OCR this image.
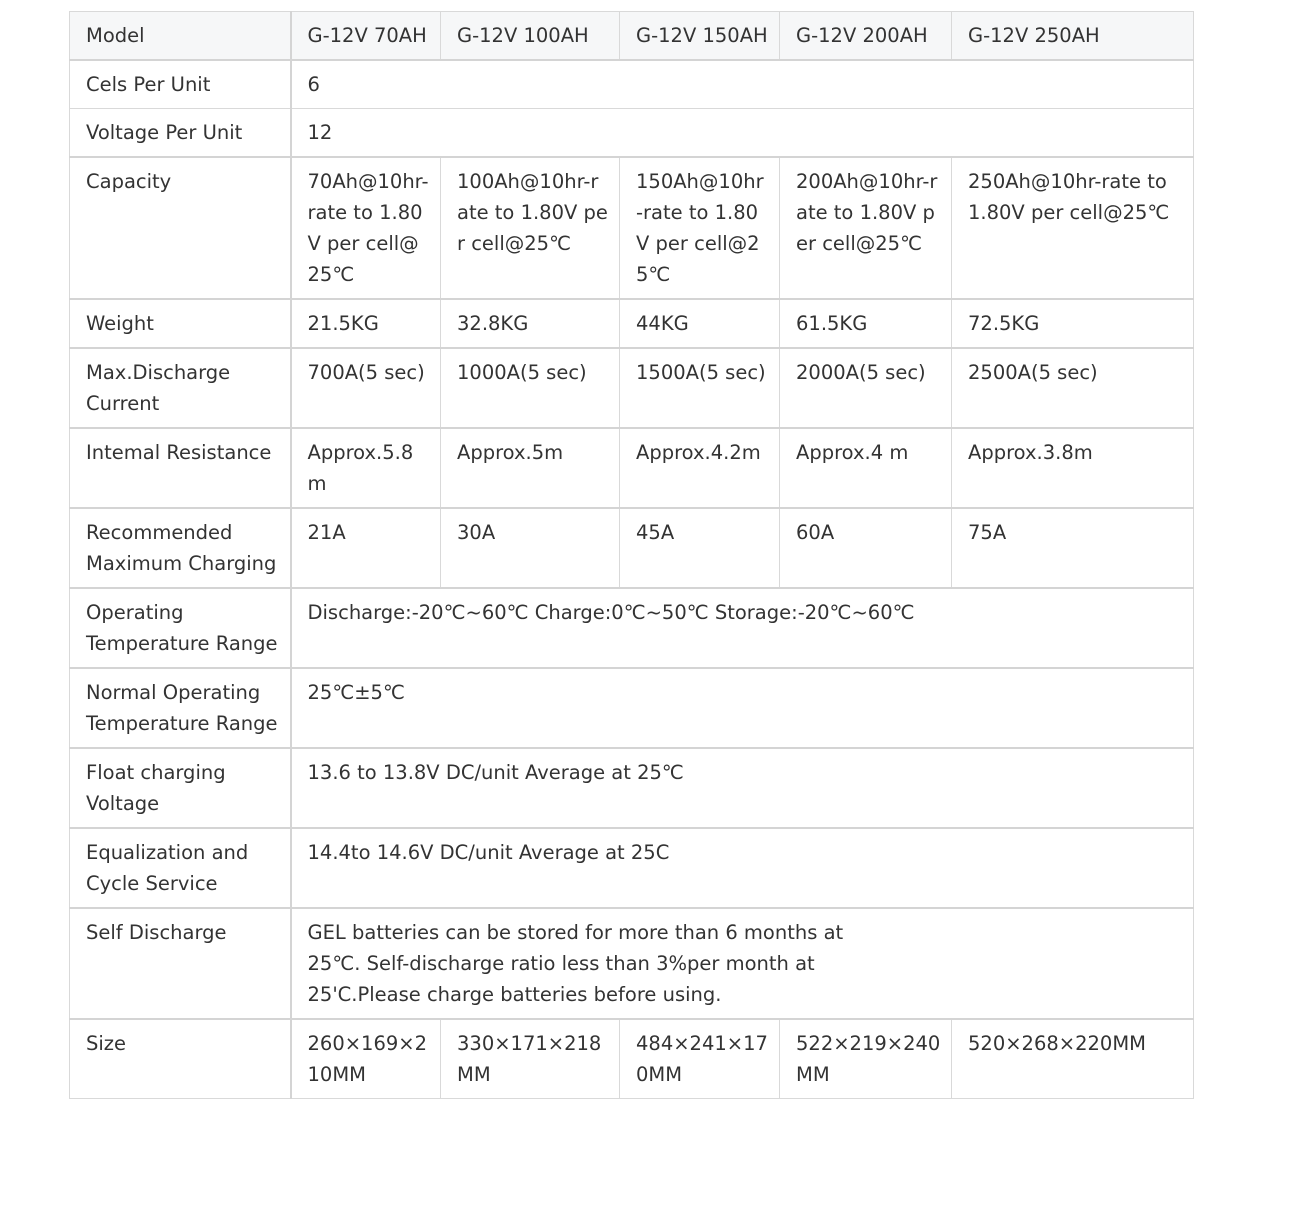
Model	G-12V 70AH	G-12V 100AH	G-12V 150AH	G-12V 200AH	G-12V 250AH
Cels Per Unit	6				
Voltage Per Unit	12				
Capacity	70Ah@10hr-rate to 1.80V per cell@25℃	100Ah@10hr-rate to 1.80V per cell@25℃	150Ah@10hr-rate to 1.80V per cell@25℃	200Ah@10hr-rate to 1.80V per cell@25℃	250Ah@10hr-rate to 1.80V per cell@25℃
Weight	21.5KG	32.8KG	44KG	61.5KG	72.5KG
Max.Discharge Current	700A(5 sec)	1000A(5 sec)	1500A(5 sec)	2000A(5 sec)	2500A(5 sec)
Intemal Resistance	Approx.5.8 m	Approx.5m	Approx.4.2m	Approx.4 m	Approx.3.8m
Recommended Maximum Charging	21A	30A	45A	60A	75A
Operating Temperature Range	Discharge:-20℃~60℃ Charge:0℃~50℃ Storage:-20℃~60℃				
Normal Operating Temperature Range	25℃±5℃				
Float charging Voltage	13.6 to 13.8V DC/unit Average at 25℃				
Equalization and Cycle Service	14.4to 14.6V DC/unit Average at 25C				
Self Discharge	GEL batteries can be stored for more than 6 months at 25℃. Self-discharge ratio less than 3%per month at 25'C.Please charge batteries before using.				
Size	260×169×210MM	330×171×218MM	484×241×170MM	522×219×240MM	520×268×220MM
